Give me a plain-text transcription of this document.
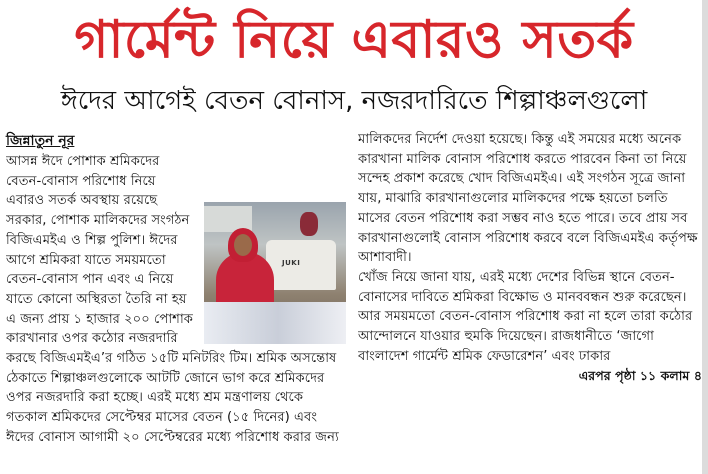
গার্মেন্ট নিয়ে এবারও সতর্ক
ঈদের আগেই বেতন বোনাস, নজরদারিতে শিল্পাঞ্চলগুলো
জিন্নাতুন নূর
JUKI

আসন্ন ঈদে পোশাক শ্রমিকদের বেতন-বোনাস পরিশোধ নিয়ে এবারও সতর্ক অবস্থায় রয়েছে সরকার, পোশাক মালিকদের সংগঠন বিজিএমইএ ও শিল্প পুলিশ। ঈদের আগে শ্রমিকরা যাতে সময়মতো বেতন-বোনাস পান এবং এ নিয়ে যাতে কোনো অস্থিরতা তৈরি না হয় এ জন্য প্রায় ১ হাজার ২০০ পোশাক কারখানার ওপর কঠোর নজরদারি করছে বিজিএমইএ’র গঠিত ১৫টি মনিটরিং টিম। শ্রমিক অসন্তোষ ঠেকাতে শিল্পাঞ্চলগুলোকে আটটি জোনে ভাগ করে শ্রমিকদের ওপর নজরদারি করা হচ্ছে। এরই মধ্যে শ্রম মন্ত্রণালয় থেকে গতকাল শ্রমিকদের সেপ্টেম্বর মাসের বেতন (১৫ দিনের) এবং ঈদের বোনাস আগামী ২০ সেপ্টেম্বরের মধ্যে পরিশোধ করার জন্য

মালিকদের নির্দেশ দেওয়া হয়েছে। কিন্তু এই সময়ের মধ্যে অনেক কারখানা মালিক বোনাস পরিশোধ করতে পারবেন কিনা তা নিয়ে সন্দেহ প্রকাশ করেছে খোদ বিজিএমইএ। এই সংগঠন সূত্রে জানা যায়, মাঝারি কারখানাগুলোর মালিকদের পক্ষে হয়তো চলতি মাসের বেতন পরিশোধ করা সম্ভব নাও হতে পারে। তবে প্রায় সব কারখানাগুলোই বোনাস পরিশোধ করবে বলে বিজিএমইএ কর্তৃপক্ষ আশাবাদী।

খোঁজ নিয়ে জানা যায়, এরই মধ্যে দেশের বিভিন্ন স্থানে বেতন-বোনাসের দাবিতে শ্রমিকরা বিক্ষোভ ও মানববন্ধন শুরু করেছেন। আর সময়মতো বেতন-বোনাস পরিশোধ করা না হলে তারা কঠোর আন্দোলনে যাওয়ার হুমকি দিয়েছেন। রাজধানীতে ‘জাগো বাংলাদেশ গার্মেন্ট শ্রমিক ফেডারেশন’ এবং ঢাকার

এরপর পৃষ্ঠা ১১ কলাম ৪
